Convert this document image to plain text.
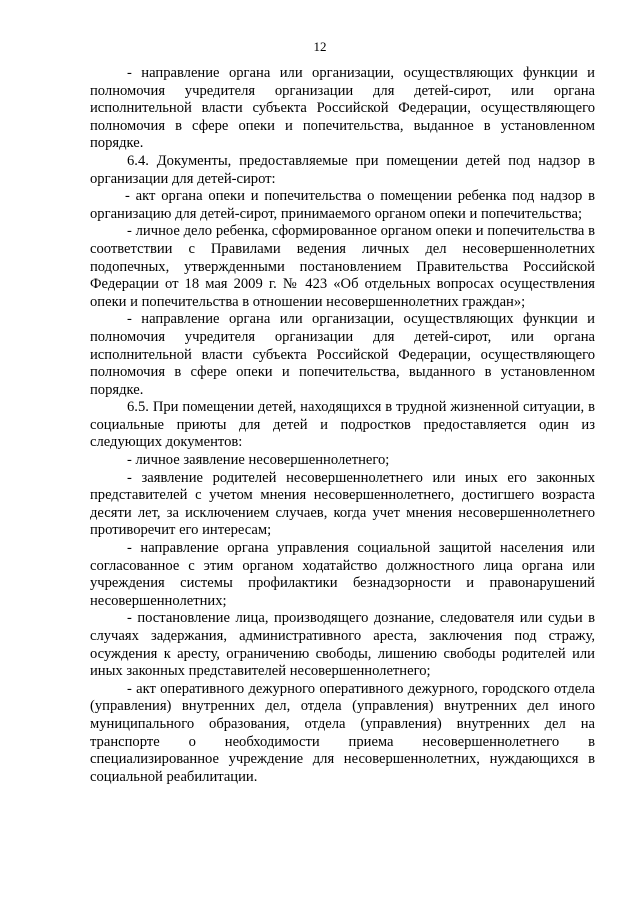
12

- направление органа или организации, осуществляющих функции и полномочия учредителя организации для детей-сирот, или органа исполнительной власти субъекта Российской Федерации, осуществляющего полномочия в сфере опеки и попечительства, выданное в установленном порядке.

6.4. Документы, предоставляемые при помещении детей под надзор в организации для детей-сирот:

- акт органа опеки и попечительства о помещении ребенка под надзор в организацию для детей-сирот, принимаемого органом опеки и попечительства;

- личное дело ребенка, сформированное органом опеки и попечительства в соответствии с Правилами ведения личных дел несовершеннолетних подопечных, утвержденными постановлением Правительства Российской Федерации от 18 мая 2009 г. № 423 «Об отдельных вопросах осуществления опеки и попечительства в отношении несовершеннолетних граждан»;

- направление органа или организации, осуществляющих функции и полномочия учредителя организации для детей-сирот, или органа исполнительной власти субъекта Российской Федерации, осуществляющего полномочия в сфере опеки и попечительства, выданного в установленном порядке.

6.5. При помещении детей, находящихся в трудной жизненной ситуации, в социальные приюты для детей и подростков предоставляется один из следующих документов:

- личное заявление несовершеннолетнего;

- заявление родителей несовершеннолетнего или иных его законных представителей с учетом мнения несовершеннолетнего, достигшего возраста десяти лет, за исключением случаев, когда учет мнения несовершеннолетнего противоречит его интересам;

- направление органа управления социальной защитой населения или согласованное с этим органом ходатайство должностного лица органа или учреждения системы профилактики безнадзорности и правонарушений несовершеннолетних;

- постановление лица, производящего дознание, следователя или судьи в случаях задержания, административного ареста, заключения под стражу, осуждения к аресту, ограничению свободы, лишению свободы родителей или иных законных представителей несовершеннолетнего;

- акт оперативного дежурного оперативного дежурного, городского отдела (управления) внутренних дел, отдела (управления) внутренних дел иного муниципального образования, отдела (управления) внутренних дел на транспорте о необходимости приема несовершеннолетнего в специализированное учреждение для несовершеннолетних, нуждающихся в социальной реабилитации.
